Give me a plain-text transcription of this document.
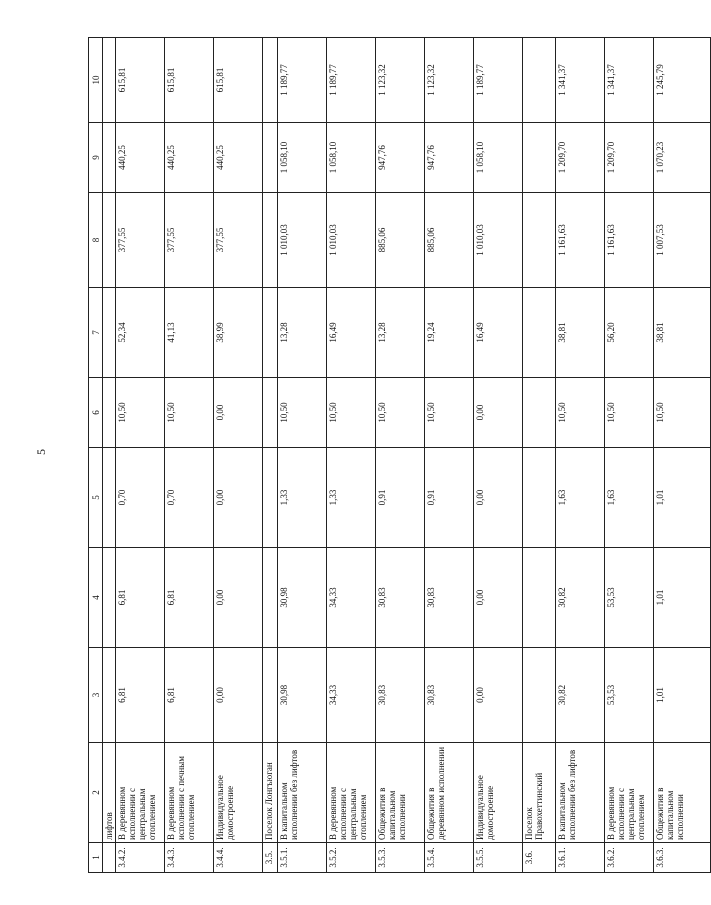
5
1	2	3	4	5	6	7	8	9	10
	лифтов								
3.4.2.	В деревянном исполнении с центральным отоплением	6,81	6,81	0,70	10,50	52,34	377,55	440,25	615,81
3.4.3.	В деревянном исполнении с печным отоплением	6,81	6,81	0,70	10,50	41,13	377,55	440,25	615,81
3.4.4.	Индивидуальное домостроение	0,00	0,00	0,00	0,00	38,99	377,55	440,25	615,81
3.5.	Поселок Лонгъюган								
3.5.1.	В капитальном исполнении без лифтов	30,98	30,98	1,33	10,50	13,28	1 010,03	1 058,10	1 189,77
3.5.2.	В деревянном исполнении с центральным отоплением	34,33	34,33	1,33	10,50	16,49	1 010,03	1 058,10	1 189,77
3.5.3.	Общежития в капитальном исполнении	30,83	30,83	0,91	10,50	13,28	885,06	947,76	1 123,32
3.5.4.	Общежития в деревянном исполнении	30,83	30,83	0,91	10,50	19,24	885,06	947,76	1 123,32
3.5.5.	Индивидуальное домостроение	0,00	0,00	0,00	0,00	16,49	1 010,03	1 058,10	1 189,77
3.6.	Поселок Правохеттинский								
3.6.1.	В капитальном исполнении без лифтов	30,82	30,82	1,63	10,50	38,81	1 161,63	1 209,70	1 341,37
3.6.2.	В деревянном исполнении с центральным отоплением	53,53	53,53	1,63	10,50	56,20	1 161,63	1 209,70	1 341,37
3.6.3.	Общежития в капитальном исполнении	1,01	1,01	1,01	10,50	38,81	1 007,53	1 070,23	1 245,79
